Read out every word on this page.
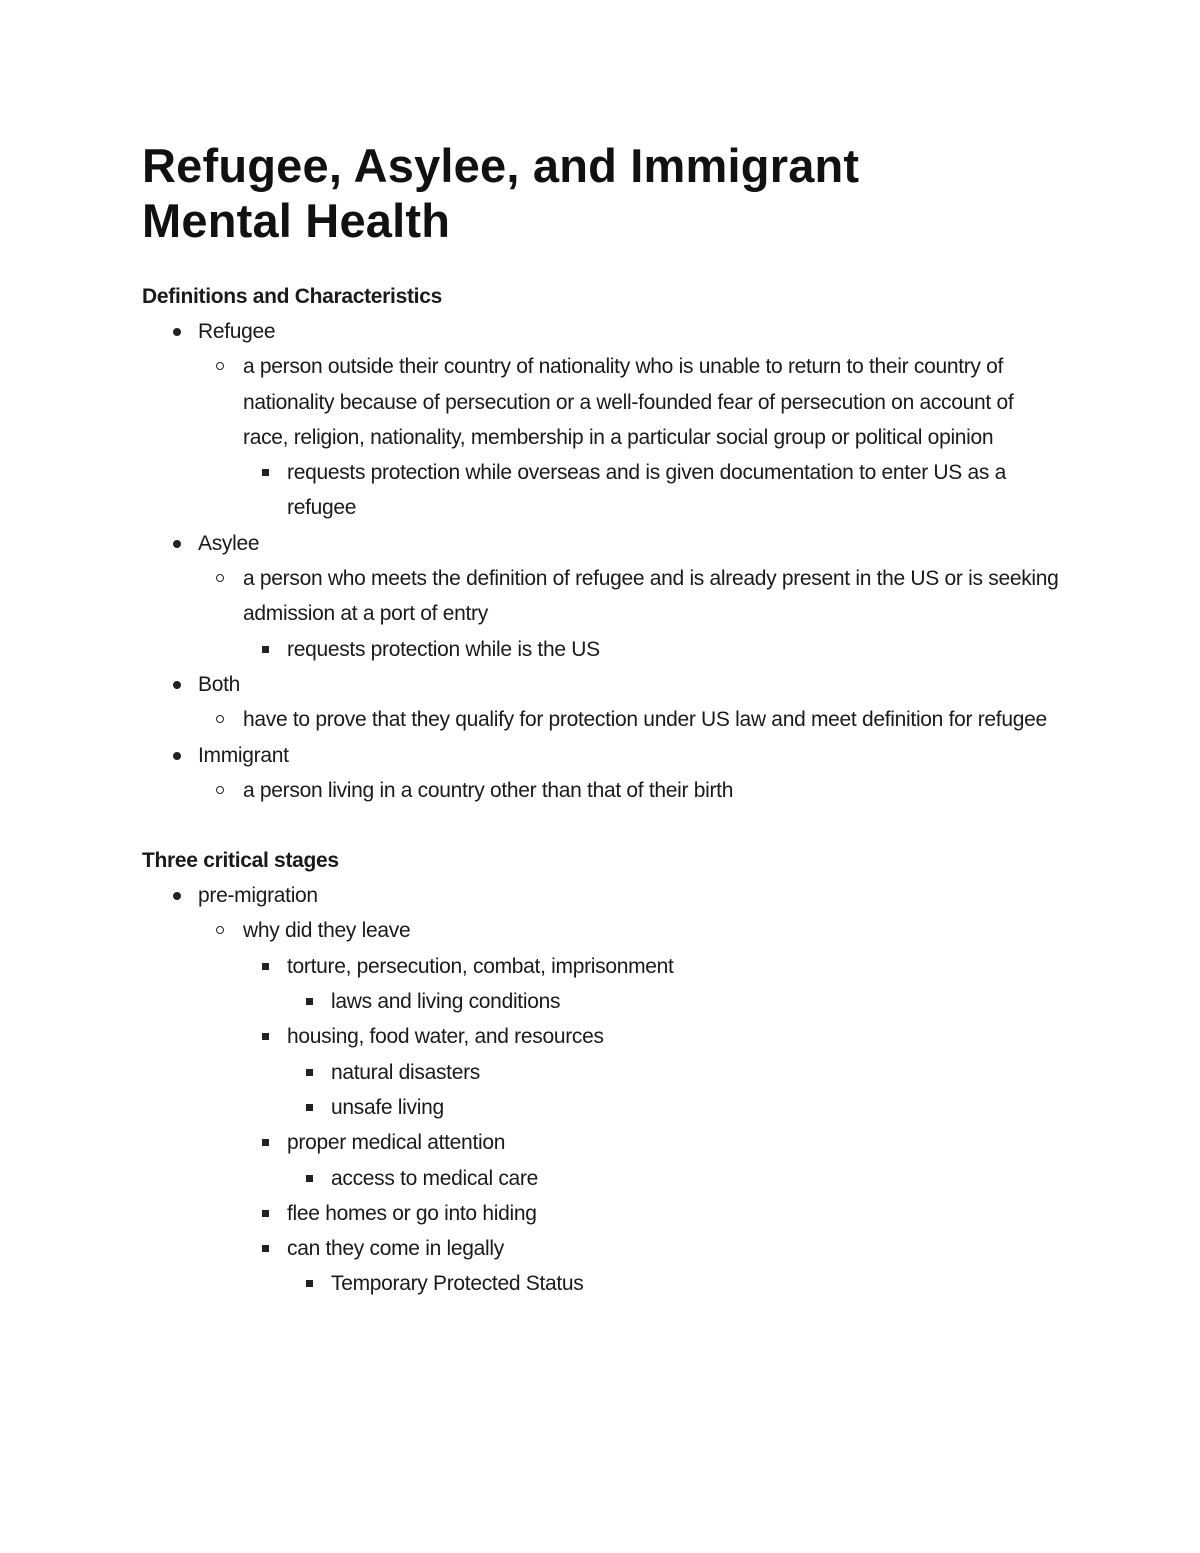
Refugee, Asylee, and Immigrant
Mental Health
Definitions and Characteristics
Refugee
a person outside their country of nationality who is unable to return to their country of nationality because of persecution or a well-founded fear of persecution on account of race, religion, nationality, membership in a particular social group or political opinion
requests protection while overseas and is given documentation to enter US as a refugee
Asylee
a person who meets the definition of refugee and is already present in the US or is seeking admission at a port of entry
requests protection while is the US
Both
have to prove that they qualify for protection under US law and meet definition for refugee
Immigrant
a person living in a country other than that of their birth
Three critical stages
pre-migration
why did they leave
torture, persecution, combat, imprisonment
laws and living conditions
housing, food water, and resources
natural disasters
unsafe living
proper medical attention
access to medical care
flee homes or go into hiding
can they come in legally
Temporary Protected Status
